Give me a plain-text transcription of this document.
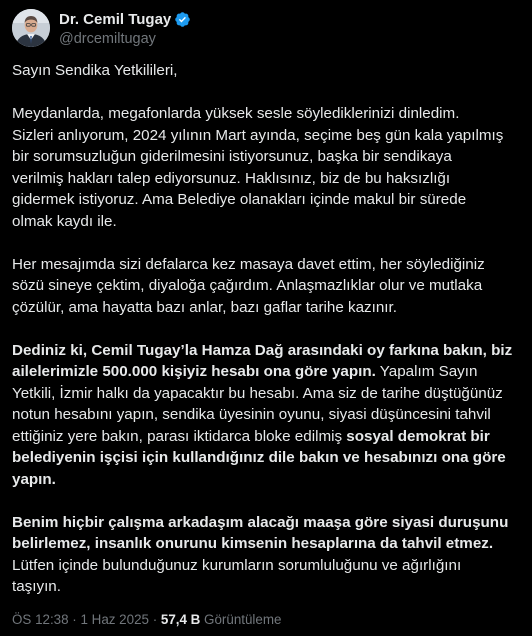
Dr. Cemil Tugay
@drcemiltugay

Sayın Sendika Yetkilileri,

Meydanlarda, megafonlarda yüksek sesle söylediklerinizi dinledim.
Sizleri anlıyorum, 2024 yılının Mart ayında, seçime beş gün kala yapılmış
bir sorumsuzluğun giderilmesini istiyorsunuz, başka bir sendikaya
verilmiş hakları talep ediyorsunuz. Haklısınız, biz de bu haksızlığı
gidermek istiyoruz. Ama Belediye olanakları içinde makul bir sürede
olmak kaydı ile.

Her mesajımda sizi defalarca kez masaya davet ettim, her söylediğiniz
sözü sineye çektim, diyaloğa çağırdım. Anlaşmazlıklar olur ve mutlaka
çözülür, ama hayatta bazı anlar, bazı gaflar tarihe kazınır.

Dediniz ki, Cemil Tugay’la Hamza Dağ arasındaki oy farkına bakın, biz
ailelerimizle 500.000 kişiyiz hesabı ona göre yapın. Yapalım Sayın
Yetkili, İzmir halkı da yapacaktır bu hesabı. Ama siz de tarihe düştüğünüz
notun hesabını yapın, sendika üyesinin oyunu, siyasi düşüncesini tahvil
ettiğiniz yere bakın, parası iktidarca bloke edilmiş sosyal demokrat bir
belediyenin işçisi için kullandığınız dile bakın ve hesabınızı ona göre
yapın.

Benim hiçbir çalışma arkadaşım alacağı maaşa göre siyasi duruşunu
belirlemez, insanlık onurunu kimsenin hesaplarına da tahvil etmez.
Lütfen içinde bulunduğunuz kurumların sorumluluğunu ve ağırlığını
taşıyın.

ÖS 12:38 · 1 Haz 2025 · 57,4 B Görüntüleme
